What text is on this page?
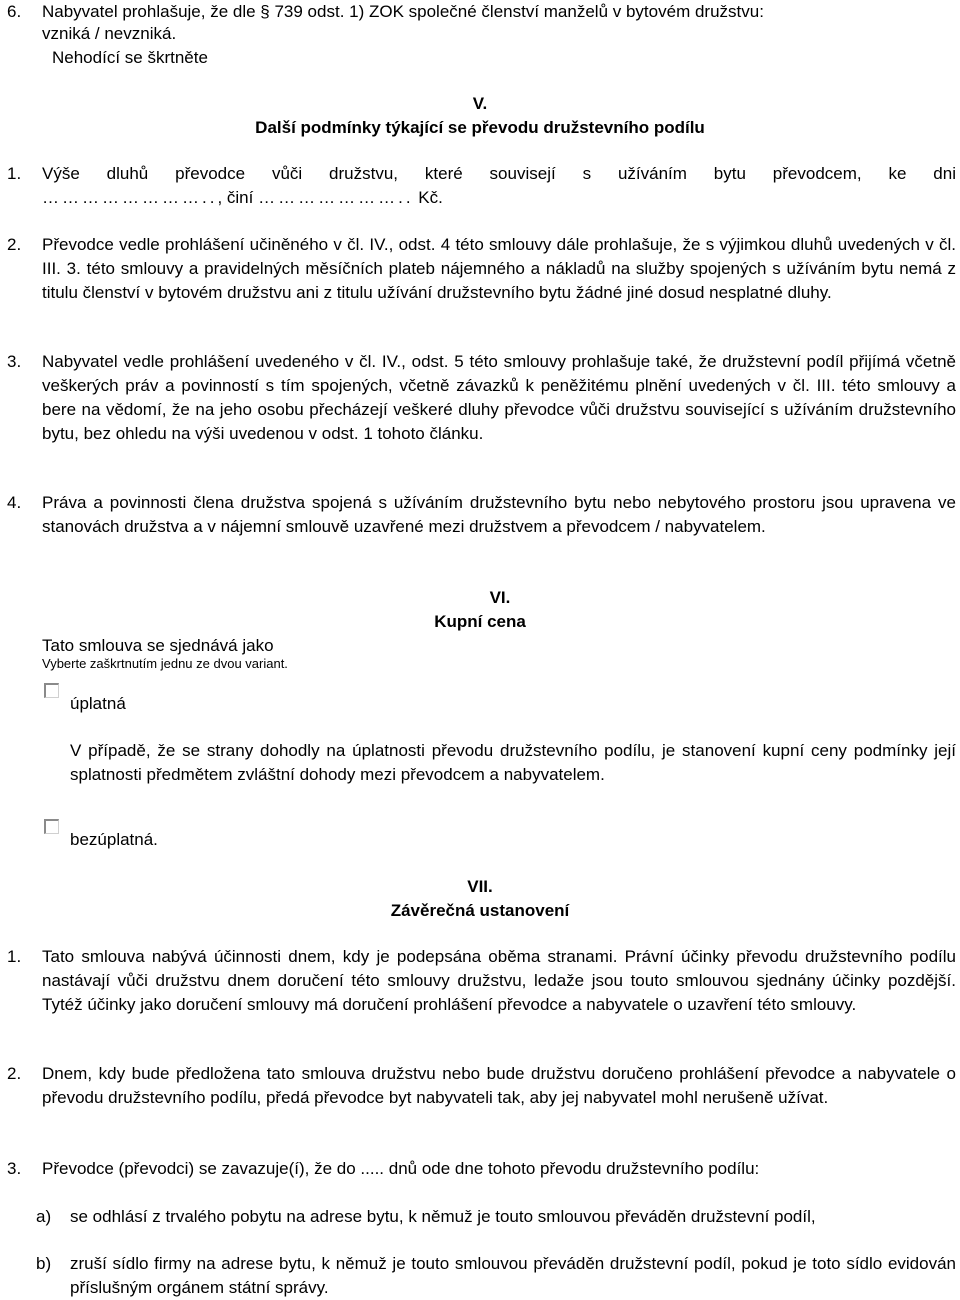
6. Nabyvatel prohlašuje, že dle § 739 odst. 1) ZOK společné členství manželů v bytovém družstvu:
vzniká / nevzniká.
Nehodící se škrtněte
V.
Další podmínky týkající se převodu družstevního podílu
1. Výše dluhů převodce vůči družstvu, které souvisejí s užíváním bytu převodcem, ke dni
…………………….., činí ………………….. Kč.
2. Převodce vedle prohlášení učiněného v čl. IV., odst. 4 této smlouvy dále prohlašuje, že s výjimkou dluhů uvedených v čl. III. 3. této smlouvy a pravidelných měsíčních plateb nájemného a nákladů na služby spojených s užíváním bytu nemá z titulu členství v bytovém družstvu ani z titulu užívání družstevního bytu žádné jiné dosud nesplatné dluhy.
3. Nabyvatel vedle prohlášení uvedeného v čl. IV., odst. 5 této smlouvy prohlašuje také, že družstevní podíl přijímá včetně veškerých práv a povinností s tím spojených, včetně závazků k peněžitému plnění uvedených v čl. III. této smlouvy a bere na vědomí, že na jeho osobu přecházejí veškeré dluhy převodce vůči družstvu související s užíváním družstevního bytu, bez ohledu na výši uvedenou v odst. 1 tohoto článku.
4. Práva a povinnosti člena družstva spojená s užíváním družstevního bytu nebo nebytového prostoru jsou upravena ve stanovách družstva a v nájemní smlouvě uzavřené mezi družstvem a převodcem / nabyvatelem.
VI.
Kupní cena
Tato smlouva se sjednává jako
Vyberte zaškrtnutím jednu ze dvou variant.
úplatná
V případě, že se strany dohodly na úplatnosti převodu družstevního podílu, je stanovení kupní ceny podmínky její splatnosti předmětem zvláštní dohody mezi převodcem a nabyvatelem.
bezúplatná.
VII.
Závěrečná ustanovení
1. Tato smlouva nabývá účinnosti dnem, kdy je podepsána oběma stranami. Právní účinky převodu družstevního podílu nastávají vůči družstvu dnem doručení této smlouvy družstvu, ledaže jsou touto smlouvou sjednány účinky pozdější. Tytéž účinky jako doručení smlouvy má doručení prohlášení převodce a nabyvatele o uzavření této smlouvy.
2. Dnem, kdy bude předložena tato smlouva družstvu nebo bude družstvu doručeno prohlášení převodce a nabyvatele o převodu družstevního podílu, předá převodce byt nabyvateli tak, aby jej nabyvatel mohl nerušeně užívat.
3. Převodce (převodci) se zavazuje(í), že do ..... dnů ode dne tohoto převodu družstevního podílu:
a) se odhlásí z trvalého pobytu na adrese bytu, k němuž je touto smlouvou převáděn družstevní podíl,
b) zruší sídlo firmy na adrese bytu, k němuž je touto smlouvou převáděn družstevní podíl, pokud je toto sídlo evidován příslušným orgánem státní správy.
